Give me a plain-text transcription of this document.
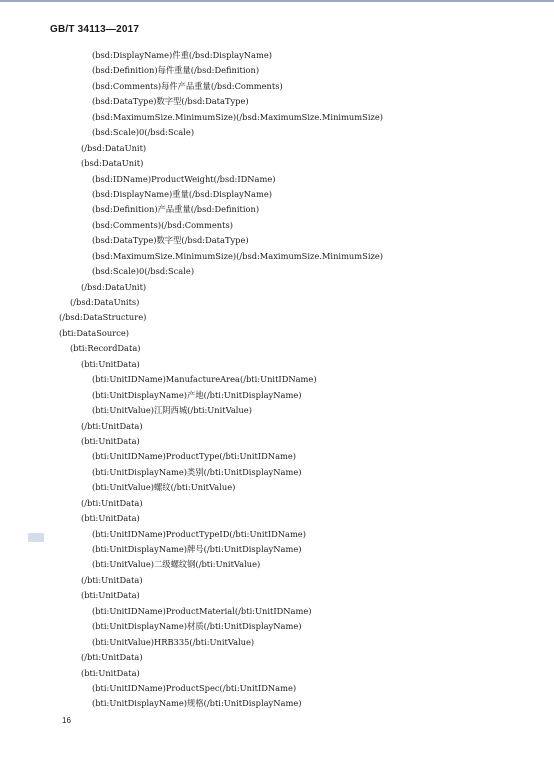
GB/T 34113—2017
(bsd:DisplayName)件重(/bsd:DisplayName)
(bsd:Definition)每件重量(/bsd:Definition)
(bsd:Comments)每件产品重量(/bsd:Comments)
(bsd:DataType)数字型(/bsd:DataType)
(bsd:MaximumSize.MinimumSize)(/bsd:MaximumSize.MinimumSize)
(bsd:Scale)0(/bsd:Scale)
(/bsd:DataUnit)
(bsd:DataUnit)
(bsd:IDName)ProductWeight(/bsd:IDName)
(bsd:DisplayName)重量(/bsd:DisplayName)
(bsd:Definition)产品重量(/bsd:Definition)
(bsd:Comments)(/bsd:Comments)
(bsd:DataType)数字型(/bsd:DataType)
(bsd:MaximumSize.MinimumSize)(/bsd:MaximumSize.MinimumSize)
(bsd:Scale)0(/bsd:Scale)
(/bsd:DataUnit)
(/bsd:DataUnits)
(/bsd:DataStructure)
(bti:DataSource)
(bti:RecordData)
(bti:UnitData)
(bti:UnitIDName)ManufactureArea(/bti:UnitIDName)
(bti:UnitDisplayName)产地(/bti:UnitDisplayName)
(bti:UnitValue)江阴西城(/bti:UnitValue)
(/bti:UnitData)
(bti:UnitData)
(bti:UnitIDName)ProductType(/bti:UnitIDName)
(bti:UnitDisplayName)类别(/bti:UnitDisplayName)
(bti:UnitValue)螺纹(/bti:UnitValue)
(/bti:UnitData)
(bti:UnitData)
(bti:UnitIDName)ProductTypeID(/bti:UnitIDName)
(bti:UnitDisplayName)牌号(/bti:UnitDisplayName)
(bti:UnitValue)二级螺纹钢(/bti:UnitValue)
(/bti:UnitData)
(bti:UnitData)
(bti:UnitIDName)ProductMaterial(/bti:UnitIDName)
(bti:UnitDisplayName)材质(/bti:UnitDisplayName)
(bti:UnitValue)HRB335(/bti:UnitValue)
(/bti:UnitData)
(bti:UnitData)
(bti:UnitIDName)ProductSpec(/bti:UnitIDName)
(bti:UnitDisplayName)规格(/bti:UnitDisplayName)
16
